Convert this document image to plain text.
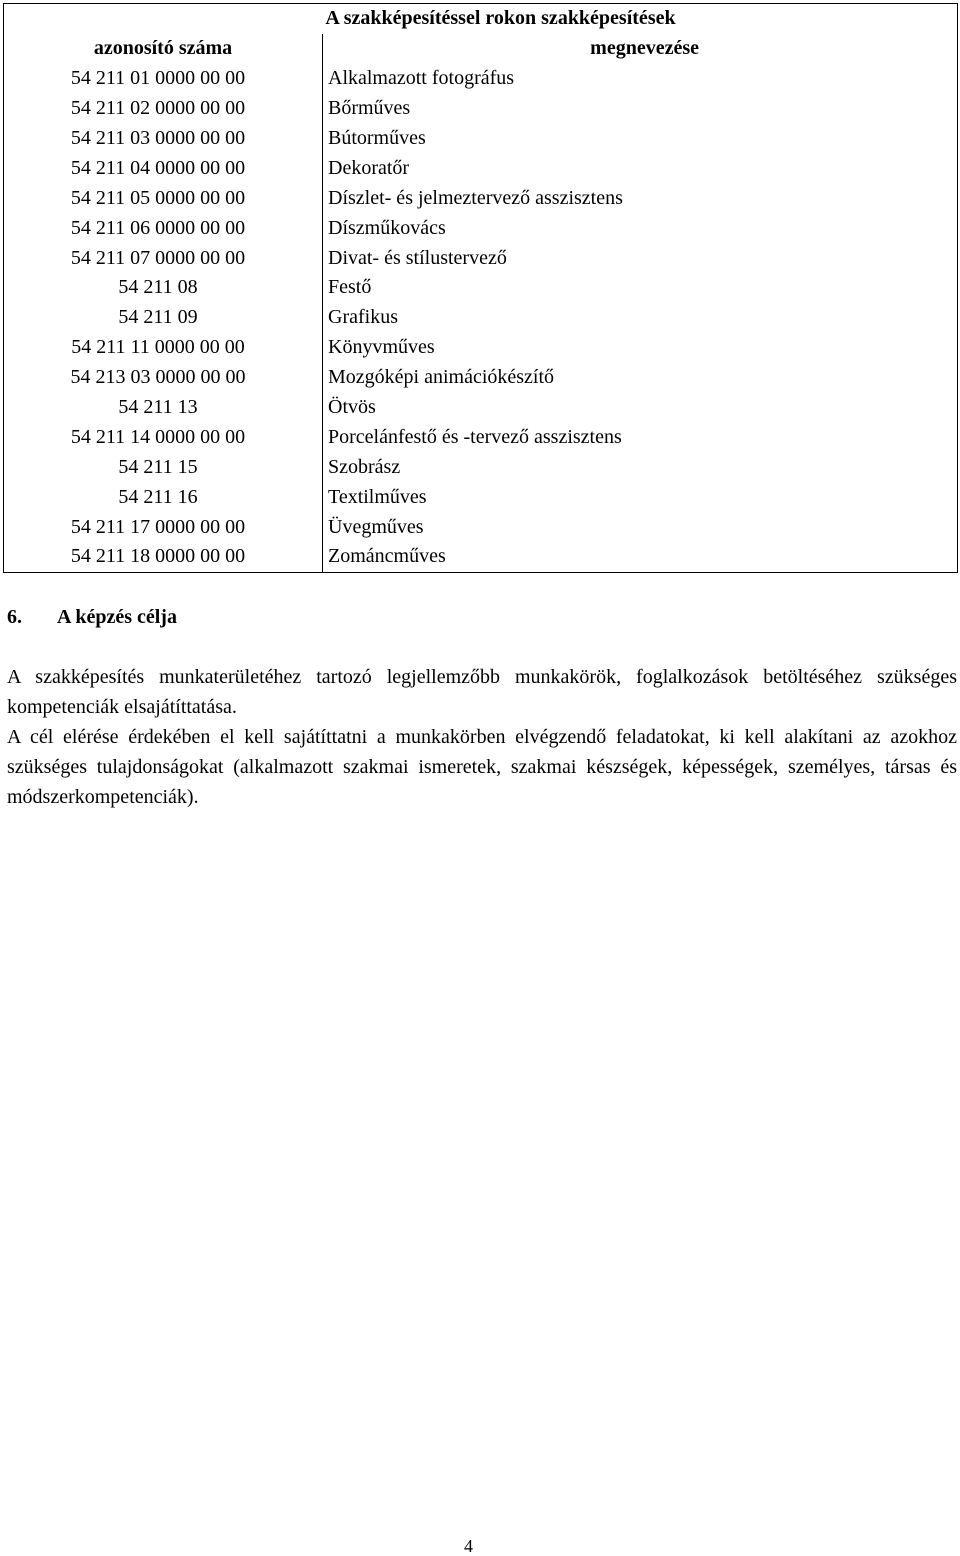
A szakképesítéssel rokon szakképesítések	
azonosító száma	megnevezése
54 211 01 0000 00 00	Alkalmazott fotográfus
54 211 02 0000 00 00	Bőrműves
54 211 03 0000 00 00	Bútorműves
54 211 04 0000 00 00	Dekoratőr
54 211 05 0000 00 00	Díszlet- és jelmeztervező asszisztens
54 211 06 0000 00 00	Díszműkovács
54 211 07 0000 00 00	Divat- és stílustervező
54 211 08	Festő
54 211 09	Grafikus
54 211 11 0000 00 00	Könyvműves
54 213 03 0000 00 00	Mozgóképi animációkészítő
54 211 13	Ötvös
54 211 14 0000 00 00	Porcelánfestő és -tervező asszisztens
54 211 15	Szobrász
54 211 16	Textilműves
54 211 17 0000 00 00	Üvegműves
54 211 18 0000 00 00	Zománcműves
6. A képzés célja

A szakképesítés munkaterületéhez tartozó legjellemzőbb munkakörök, foglalkozások betöltéséhez szükséges kompetenciák elsajátíttatása.

A cél elérése érdekében el kell sajátíttatni a munkakörben elvégzendő feladatokat, ki kell alakítani az azokhoz szükséges tulajdonságokat (alkalmazott szakmai ismeretek, szakmai készségek, képességek, személyes, társas és módszerkompetenciák).

4
